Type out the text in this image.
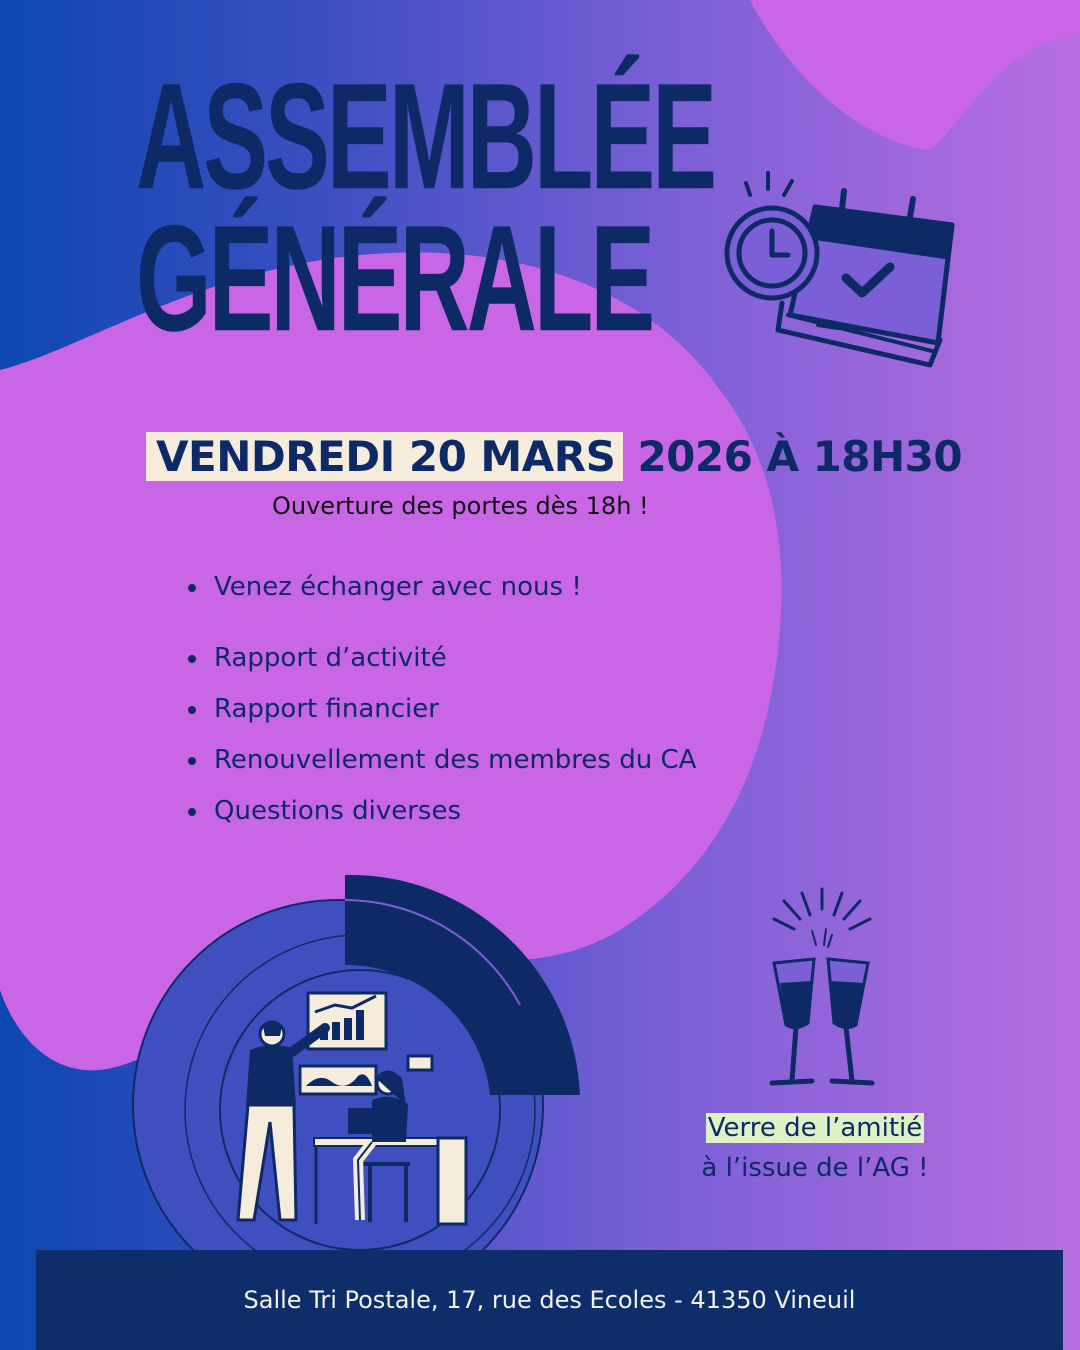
ASSEMBLÉE
GÉNÉRALE
VENDREDI 20 MARS 2026 À 18H30

Ouverture des portes dès 18h !

Venez échanger avec nous !
Rapport d’activité
Rapport financier
Renouvellement des membres du CA
Questions diverses
Verre de l’amitié
à l’issue de l’AG !
Salle Tri Postale, 17, rue des Ecoles - 41350 Vineuil
